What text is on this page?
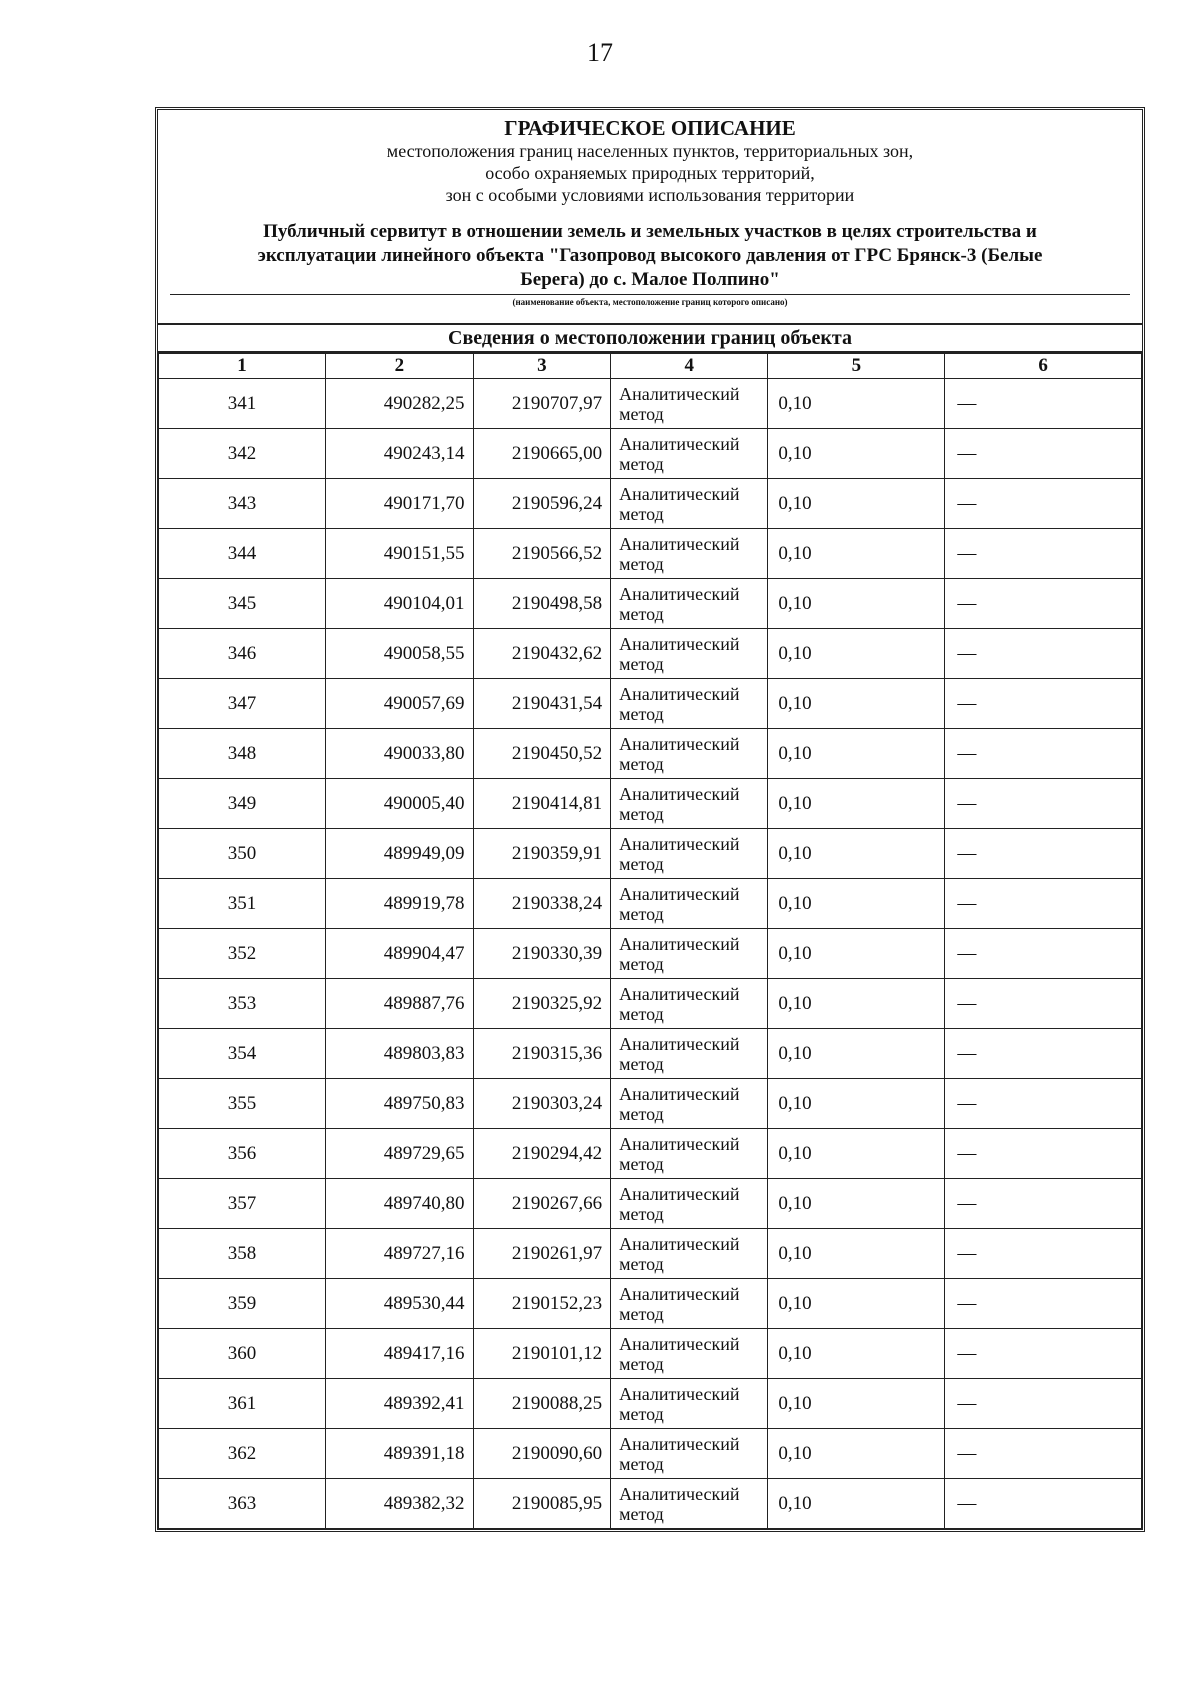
17
ГРАФИЧЕСКОЕ ОПИСАНИЕ
местоположения границ населенных пунктов, территориальных зон,
особо охраняемых природных территорий,
зон с особыми условиями использования территории
Публичный сервитут в отношении земель и земельных участков в целях строительства и
эксплуатации линейного объекта "Газопровод высокого давления от ГРС Брянск-3 (Белые
Берега) до с. Малое Полпино"
(наименование объекта, местоположение границ которого описано)
Сведения о местоположении границ объекта
1	2	3	4	5	6
341	490282,25	2190707,97	Аналитический метод	0,10	—
342	490243,14	2190665,00	Аналитический метод	0,10	—
343	490171,70	2190596,24	Аналитический метод	0,10	—
344	490151,55	2190566,52	Аналитический метод	0,10	—
345	490104,01	2190498,58	Аналитический метод	0,10	—
346	490058,55	2190432,62	Аналитический метод	0,10	—
347	490057,69	2190431,54	Аналитический метод	0,10	—
348	490033,80	2190450,52	Аналитический метод	0,10	—
349	490005,40	2190414,81	Аналитический метод	0,10	—
350	489949,09	2190359,91	Аналитический метод	0,10	—
351	489919,78	2190338,24	Аналитический метод	0,10	—
352	489904,47	2190330,39	Аналитический метод	0,10	—
353	489887,76	2190325,92	Аналитический метод	0,10	—
354	489803,83	2190315,36	Аналитический метод	0,10	—
355	489750,83	2190303,24	Аналитический метод	0,10	—
356	489729,65	2190294,42	Аналитический метод	0,10	—
357	489740,80	2190267,66	Аналитический метод	0,10	—
358	489727,16	2190261,97	Аналитический метод	0,10	—
359	489530,44	2190152,23	Аналитический метод	0,10	—
360	489417,16	2190101,12	Аналитический метод	0,10	—
361	489392,41	2190088,25	Аналитический метод	0,10	—
362	489391,18	2190090,60	Аналитический метод	0,10	—
363	489382,32	2190085,95	Аналитический метод	0,10	—
